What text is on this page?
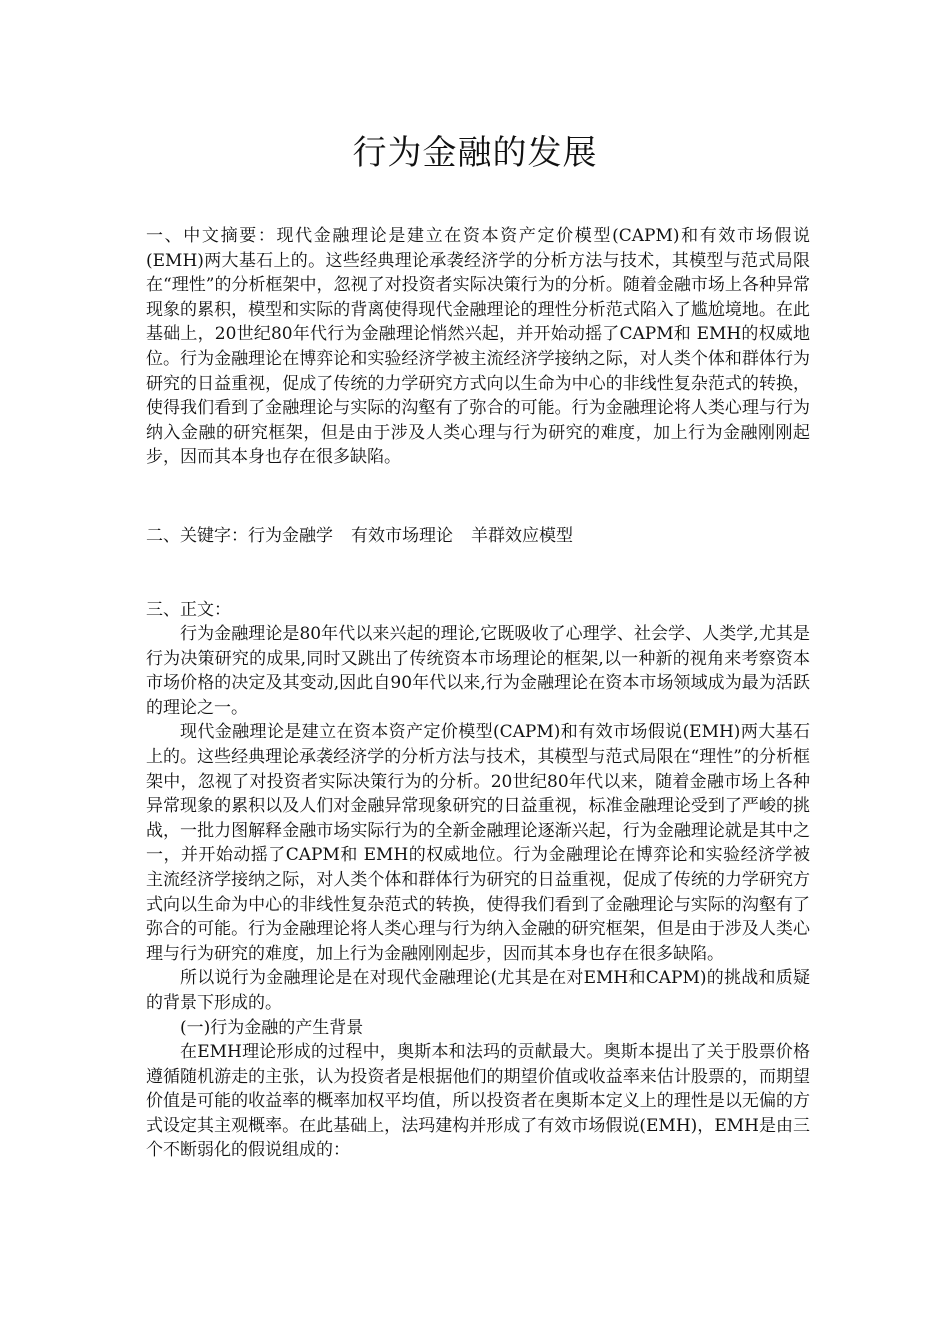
行为金融的发展

一、中文摘要：现代金融理论是建立在资本资产定价模型(CAPM)和有效市场假说(EMH)两大基石上的。这些经典理论承袭经济学的分析方法与技术，其模型与范式局限在“理性”的分析框架中，忽视了对投资者实际决策行为的分析。随着金融市场上各种异常现象的累积，模型和实际的背离使得现代金融理论的理性分析范式陷入了尴尬境地。在此基础上，20世纪80年代行为金融理论悄然兴起，并开始动摇了CAPM和 EMH的权威地位。行为金融理论在博弈论和实验经济学被主流经济学接纳之际，对人类个体和群体行为研究的日益重视，促成了传统的力学研究方式向以生命为中心的非线性复杂范式的转换，使得我们看到了金融理论与实际的沟壑有了弥合的可能。行为金融理论将人类心理与行为纳入金融的研究框架，但是由于涉及人类心理与行为研究的难度，加上行为金融刚刚起步，因而其本身也存在很多缺陷。

二、关键字：行为金融学 有效市场理论 羊群效应模型

三、正文：

行为金融理论是80年代以来兴起的理论,它既吸收了心理学、社会学、人类学,尤其是行为决策研究的成果,同时又跳出了传统资本市场理论的框架,以一种新的视角来考察资本市场价格的决定及其变动,因此自90年代以来,行为金融理论在资本市场领域成为最为活跃的理论之一。

现代金融理论是建立在资本资产定价模型(CAPM)和有效市场假说(EMH)两大基石上的。这些经典理论承袭经济学的分析方法与技术，其模型与范式局限在“理性”的分析框架中，忽视了对投资者实际决策行为的分析。20世纪80年代以来，随着金融市场上各种异常现象的累积以及人们对金融异常现象研究的日益重视，标准金融理论受到了严峻的挑战，一批力图解释金融市场实际行为的全新金融理论逐渐兴起，行为金融理论就是其中之一，并开始动摇了CAPM和 EMH的权威地位。行为金融理论在博弈论和实验经济学被主流经济学接纳之际，对人类个体和群体行为研究的日益重视，促成了传统的力学研究方式向以生命为中心的非线性复杂范式的转换，使得我们看到了金融理论与实际的沟壑有了弥合的可能。行为金融理论将人类心理与行为纳入金融的研究框架，但是由于涉及人类心理与行为研究的难度，加上行为金融刚刚起步，因而其本身也存在很多缺陷。

所以说行为金融理论是在对现代金融理论(尤其是在对EMH和CAPM)的挑战和质疑的背景下形成的。

(一)行为金融的产生背景

在EMH理论形成的过程中，奥斯本和法玛的贡献最大。奥斯本提出了关于股票价格遵循随机游走的主张，认为投资者是根据他们的期望价值或收益率来估计股票的，而期望价值是可能的收益率的概率加权平均值，所以投资者在奥斯本定义上的理性是以无偏的方式设定其主观概率。在此基础上，法玛建构并形成了有效市场假说(EMH)，EMH是由三个不断弱化的假说组成的：
